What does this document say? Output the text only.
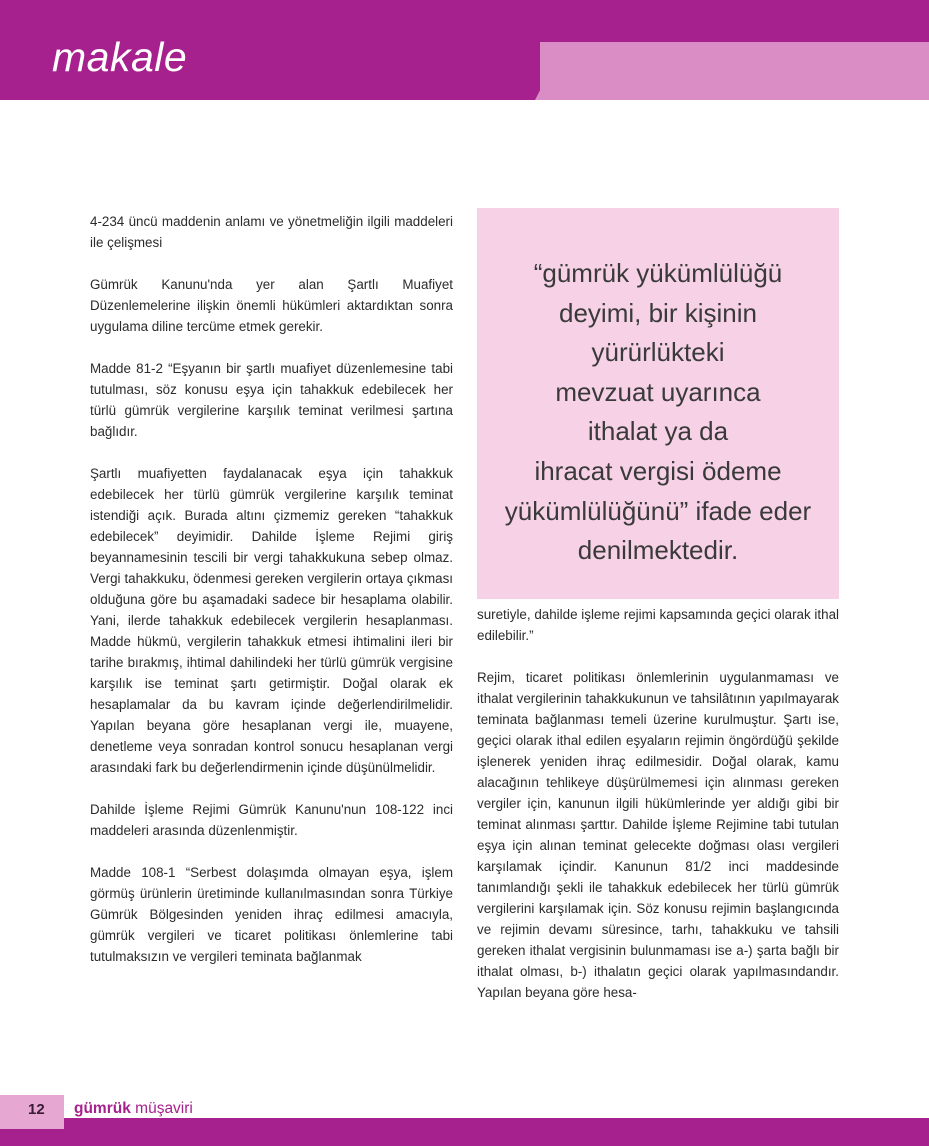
makale

4-234 üncü maddenin anlamı ve yönetmeliğin ilgili maddeleri ile çelişmesi

Gümrük Kanunu'nda yer alan Şartlı Muafiyet Düzenlemelerine ilişkin önemli hükümleri aktardıktan sonra uygulama diline tercüme etmek gerekir.

Madde 81-2 “Eşyanın bir şartlı muafiyet düzenlemesine tabi tutulması, söz konusu eşya için tahakkuk edebilecek her türlü gümrük vergilerine karşılık teminat verilmesi şartına bağlıdır.

Şartlı muafiyetten faydalanacak eşya için tahakkuk edebilecek her türlü gümrük vergilerine karşılık teminat istendiği açık. Burada altını çizmemiz gereken “tahakkuk edebilecek” deyimidir. Dahilde İşleme Rejimi giriş beyannamesinin tescili bir vergi tahakkukuna sebep olmaz. Vergi tahakkuku, ödenmesi gereken vergilerin ortaya çıkması olduğuna göre bu aşamadaki sadece bir hesaplama olabilir. Yani, ilerde tahakkuk edebilecek vergilerin hesaplanması. Madde hükmü, vergilerin tahakkuk etmesi ihtimalini ileri bir tarihe bırakmış, ihtimal dahilindeki her türlü gümrük vergisine karşılık ise teminat şartı getirmiştir. Doğal olarak ek hesaplamalar da bu kavram içinde değerlendirilmelidir. Yapılan beyana göre hesaplanan vergi ile, muayene, denetleme veya sonradan kontrol sonucu hesaplanan vergi arasındaki fark bu değerlendirmenin içinde düşünülmelidir.

Dahilde İşleme Rejimi Gümrük Kanunu'nun 108-122 inci maddeleri arasında düzenlenmiştir.

Madde 108-1 “Serbest dolaşımda olmayan eşya, işlem görmüş ürünlerin üretiminde kullanılmasından sonra Türkiye Gümrük Bölgesinden yeniden ihraç edilmesi amacıyla, gümrük vergileri ve ticaret politikası önlemlerine tabi tutulmaksızın ve vergileri teminata bağlanmak

“gümrük yükümlülüğü
deyimi, bir kişinin
yürürlükteki
mevzuat uyarınca
ithalat ya da
ihracat vergisi ödeme
yükümlülüğünü” ifade eder
denilmektedir.

suretiyle, dahilde işleme rejimi kapsamında geçici olarak ithal edilebilir.”

Rejim, ticaret politikası önlemlerinin uygulanmaması ve ithalat vergilerinin tahakkukunun ve tahsilâtının yapılmayarak teminata bağlanması temeli üzerine kurulmuştur. Şartı ise, geçici olarak ithal edilen eşyaların rejimin öngördüğü şekilde işlenerek yeniden ihraç edilmesidir. Doğal olarak, kamu alacağının tehlikeye düşürülmemesi için alınması gereken vergiler için, kanunun ilgili hükümlerinde yer aldığı gibi bir teminat alınması şarttır. Dahilde İşleme Rejimine tabi tutulan eşya için alınan teminat gelecekte doğması olası vergileri karşılamak içindir. Kanunun 81/2 inci maddesinde tanımlandığı şekli ile tahakkuk edebilecek her türlü gümrük vergilerini karşılamak için. Söz konusu rejimin başlangıcında ve rejimin devamı süresince, tarhı, tahakkuku ve tahsili gereken ithalat vergisinin bulunmaması ise a-) şarta bağlı bir ithalat olması, b-) ithalatın geçici olarak yapılmasındandır. Yapılan beyana göre hesa-

12 gümrük müşaviri
